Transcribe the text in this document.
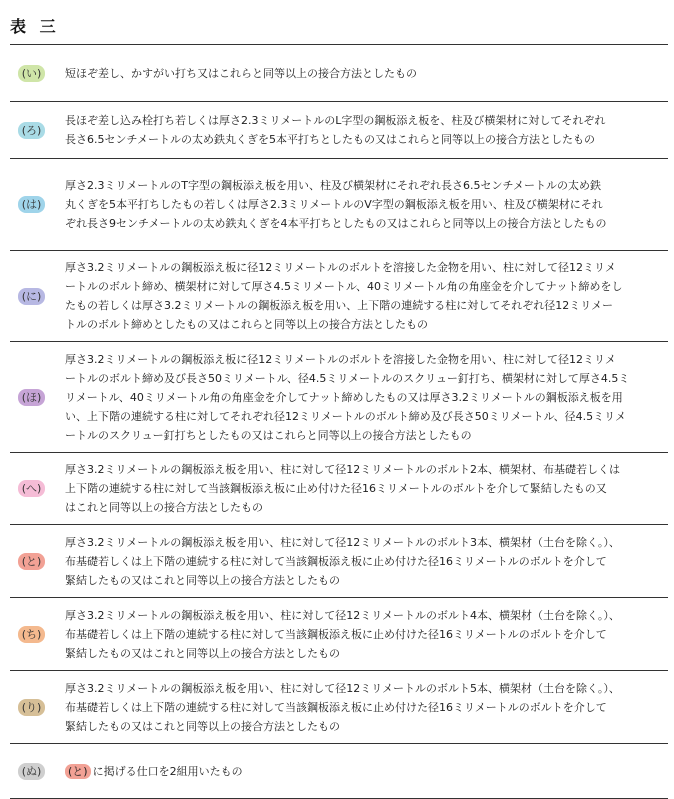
表 三
(い)	短ほぞ差し、かすがい打ち又はこれらと同等以上の接合方法としたもの
(ろ)
長ほぞ差し込み栓打ち若しくは厚さ2.3ミリメートルのL字型の鋼板添え板を、柱及び横架材に対してそれぞれ
長さ6.5センチメートルの太め鉄丸くぎを5本平打ちとしたもの又はこれらと同等以上の接合方法としたもの
(は)
厚さ2.3ミリメートルのT字型の鋼板添え板を用い、柱及び横架材にそれぞれ長さ6.5センチメートルの太め鉄
丸くぎを5本平打ちしたもの若しくは厚さ2.3ミリメートルのV字型の鋼板添え板を用い、柱及び横架材にそれ
ぞれ長さ9センチメートルの太め鉄丸くぎを4本平打ちとしたもの又はこれらと同等以上の接合方法としたもの
(に)
厚さ3.2ミリメートルの鋼板添え板に径12ミリメートルのボルトを溶接した金物を用い、柱に対して径12ミリメ
ートルのボルト締め、横架材に対して厚さ4.5ミリメートル、40ミリメートル角の角座金を介してナット締めをし
たもの若しくは厚さ3.2ミリメートルの鋼板添え板を用い、上下階の連続する柱に対してそれぞれ径12ミリメー
トルのボルト締めとしたもの又はこれらと同等以上の接合方法としたもの
(ほ)
厚さ3.2ミリメートルの鋼板添え板に径12ミリメートルのボルトを溶接した金物を用い、柱に対して径12ミリメ
ートルのボルト締め及び長さ50ミリメートル、径4.5ミリメートルのスクリュー釘打ち、横架材に対して厚さ4.5ミ
リメートル、40ミリメートル角の角座金を介してナット締めしたもの又は厚さ3.2ミリメートルの鋼板添え板を用
い、上下階の連続する柱に対してそれぞれ径12ミリメートルのボルト締め及び長さ50ミリメートル、径4.5ミリメ
ートルのスクリュー釘打ちとしたもの又はこれらと同等以上の接合方法としたもの
(へ)
厚さ3.2ミリメートルの鋼板添え板を用い、柱に対して径12ミリメートルのボルト2本、横架材、布基礎若しくは
上下階の連続する柱に対して当該鋼板添え板に止め付けた径16ミリメートルのボルトを介して緊結したもの又
はこれと同等以上の接合方法としたもの
(と)
厚さ3.2ミリメートルの鋼板添え板を用い、柱に対して径12ミリメートルのボルト3本、横架材（土台を除く。）、
布基礎若しくは上下階の連続する柱に対して当該鋼板添え板に止め付けた径16ミリメートルのボルトを介して
緊結したもの又はこれと同等以上の接合方法としたもの
(ち)
厚さ3.2ミリメートルの鋼板添え板を用い、柱に対して径12ミリメートルのボルト4本、横架材（土台を除く。）、
布基礎若しくは上下階の連続する柱に対して当該鋼板添え板に止め付けた径16ミリメートルのボルトを介して
緊結したもの又はこれと同等以上の接合方法としたもの
(り)
厚さ3.2ミリメートルの鋼板添え板を用い、柱に対して径12ミリメートルのボルト5本、横架材（土台を除く。）、
布基礎若しくは上下階の連続する柱に対して当該鋼板添え板に止め付けた径16ミリメートルのボルトを介して
緊結したもの又はこれと同等以上の接合方法としたもの
(ぬ)	(と) に掲げる仕口を2組用いたもの
